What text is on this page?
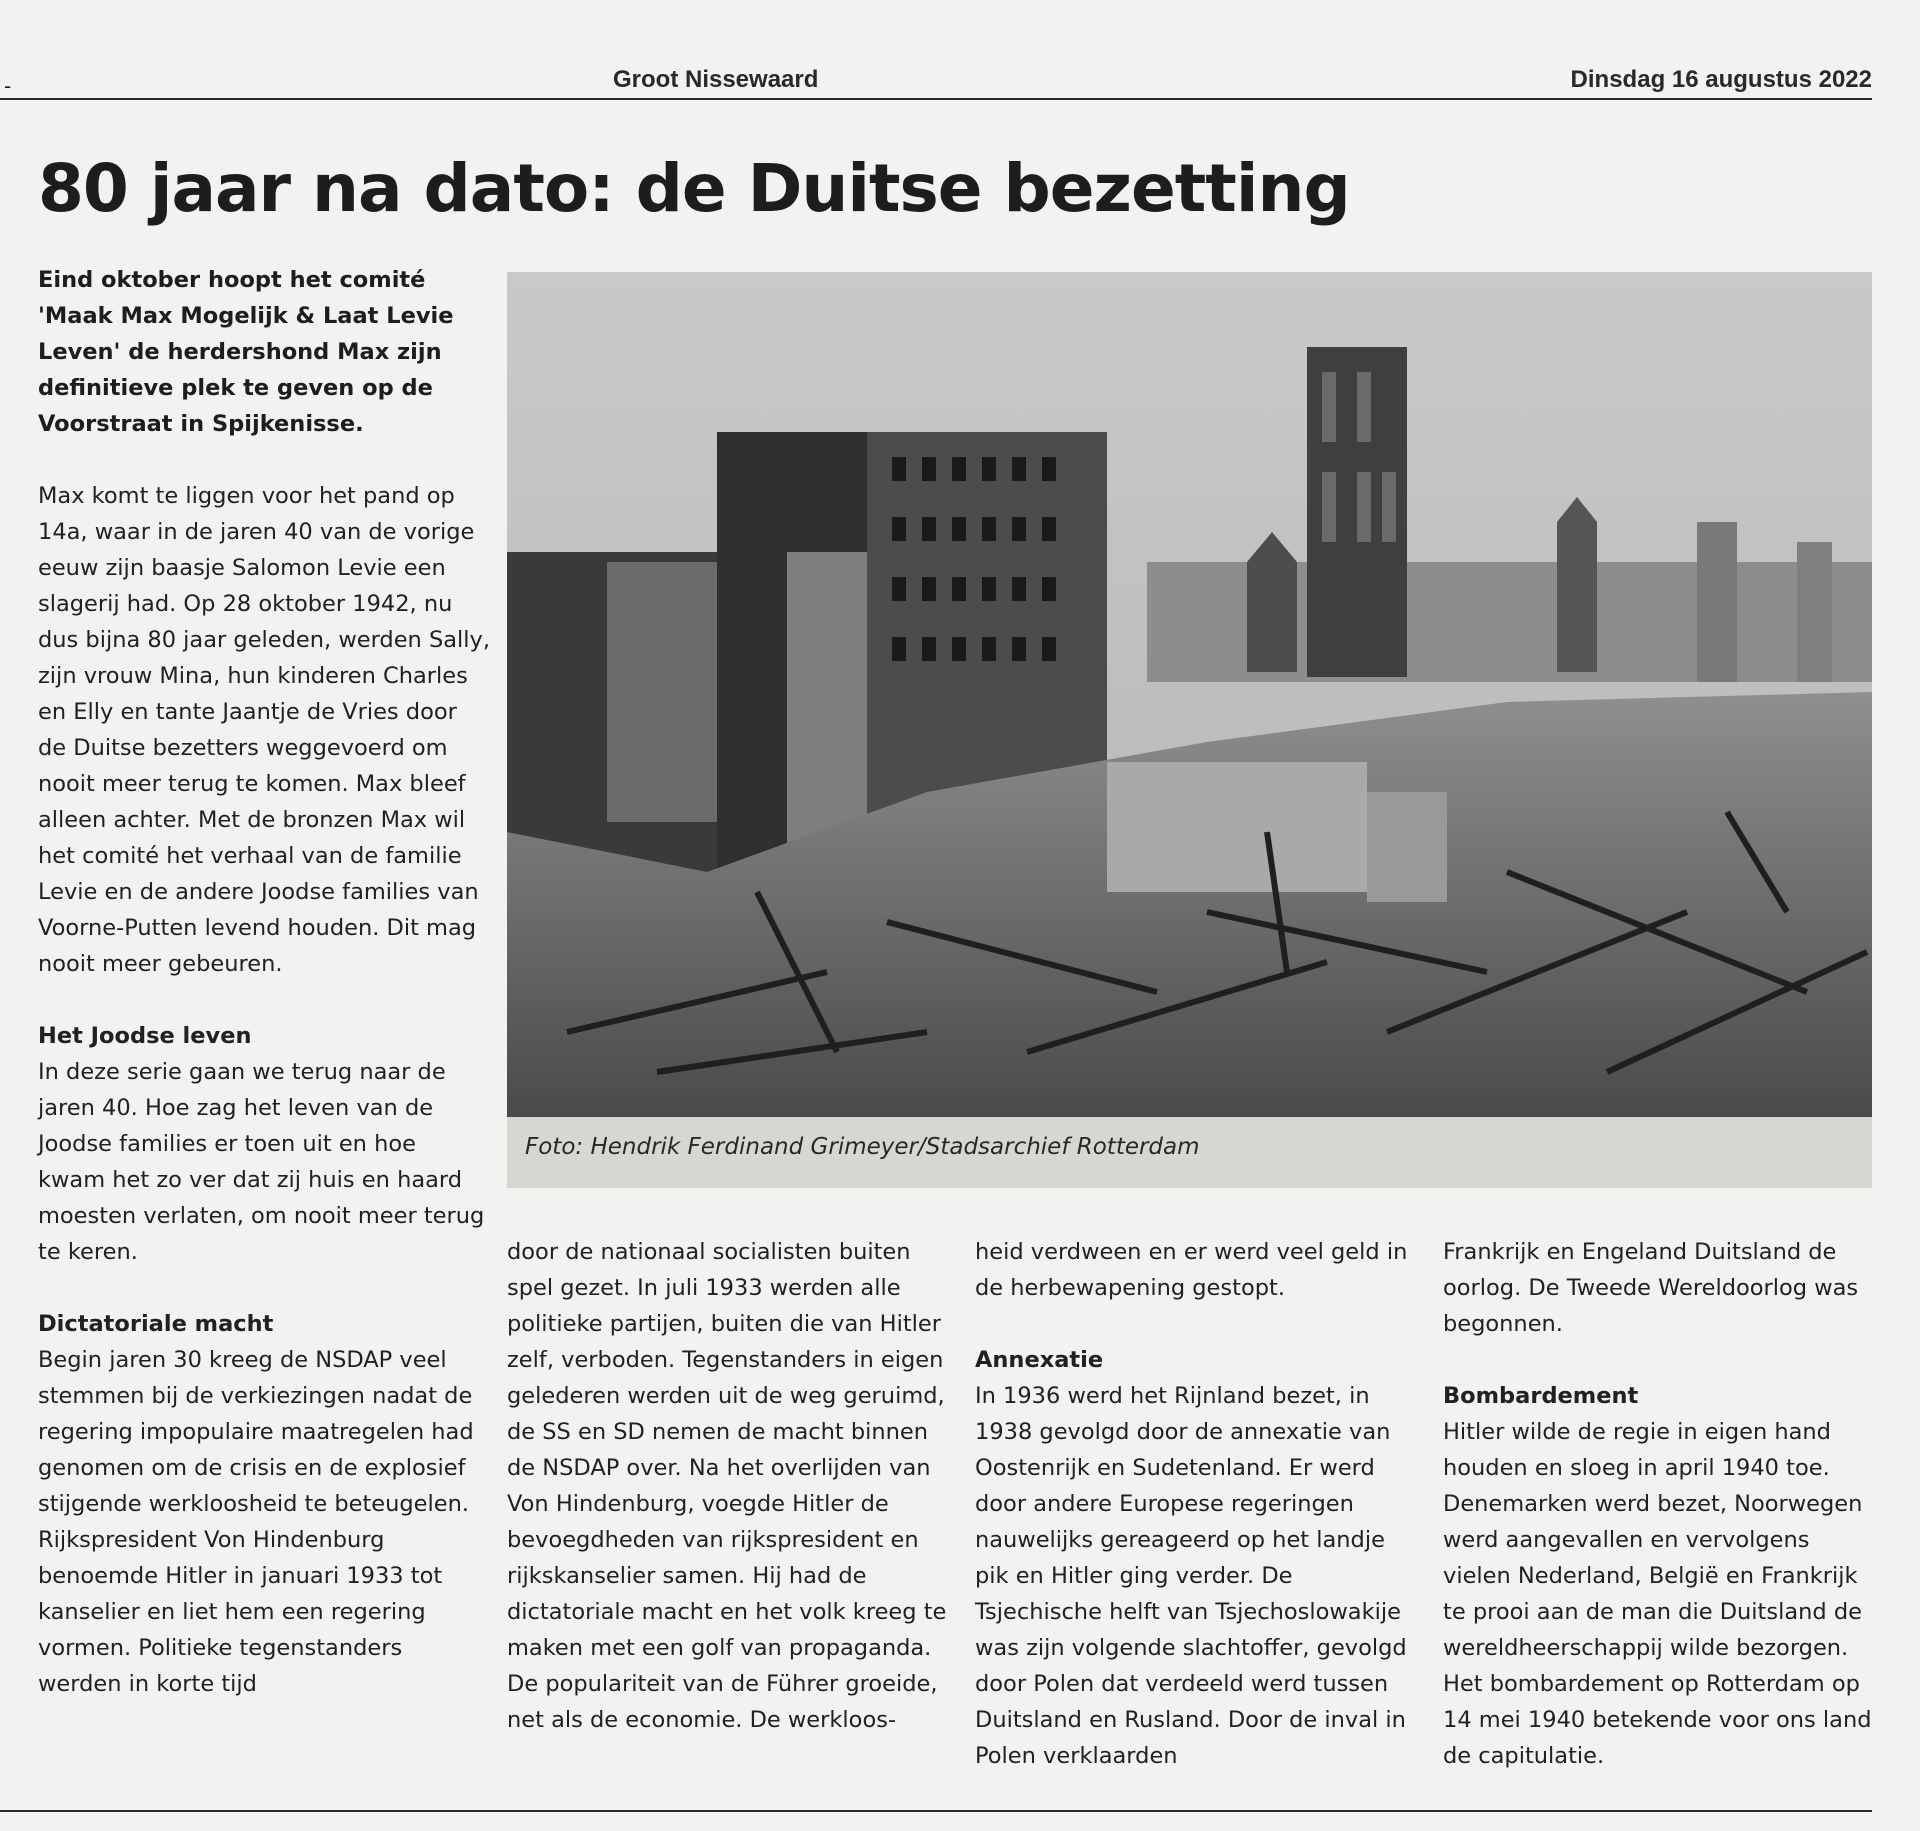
-	Groot Nissewaard	Dinsdag 16 augustus 2022
80 jaar na dato: de Duitse bezetting

Eind oktober hoopt het comité 'Maak Max Mogelijk & Laat Levie Leven' de herdershond Max zijn definitieve plek te geven op de Voorstraat in Spijkenisse.

Max komt te liggen voor het pand op 14a, waar in de jaren 40 van de vorige eeuw zijn baasje Salomon Levie een slagerij had. Op 28 oktober 1942, nu dus bijna 80 jaar geleden, werden Sally, zijn vrouw Mina, hun kinderen Charles en Elly en tante Jaantje de Vries door de Duitse bezetters weggevoerd om nooit meer terug te komen. Max bleef alleen achter. Met de bronzen Max wil het comité het verhaal van de familie Levie en de andere Joodse families van Voorne-Putten levend houden. Dit mag nooit meer gebeuren.

Het Joodse leven

In deze serie gaan we terug naar de jaren 40. Hoe zag het leven van de Joodse families er toen uit en hoe kwam het zo ver dat zij huis en haard moesten verlaten, om nooit meer terug te keren.

Dictatoriale macht

Begin jaren 30 kreeg de NSDAP veel stemmen bij de verkiezingen nadat de regering impopulaire maatregelen had genomen om de crisis en de explosief stijgende werkloosheid te beteugelen. Rijkspresident Von Hindenburg benoemde Hitler in januari 1933 tot kanselier en liet hem een regering vormen. Politieke tegenstanders werden in korte tijd

Foto: Hendrik Ferdinand Grimeyer/Stadsarchief Rotterdam

door de nationaal socialisten buiten spel gezet. In juli 1933 werden alle politieke partijen, buiten die van Hitler zelf, verboden. Tegenstanders in eigen gelederen werden uit de weg geruimd, de SS en SD nemen de macht binnen de NSDAP over. Na het overlijden van Von Hindenburg, voegde Hitler de bevoegdheden van rijkspresident en rijkskanselier samen. Hij had de dictatoriale macht en het volk kreeg te maken met een golf van propaganda. De populariteit van de Führer groeide, net als de economie. De werkloos-

heid verdween en er werd veel geld in de herbewapening gestopt.

Annexatie

In 1936 werd het Rijnland bezet, in 1938 gevolgd door de annexatie van Oostenrijk en Sudetenland. Er werd door andere Europese regeringen nauwelijks gereageerd op het landje pik en Hitler ging verder. De Tsjechische helft van Tsjechoslowakije was zijn volgende slachtoffer, gevolgd door Polen dat verdeeld werd tussen Duitsland en Rusland. Door de inval in Polen verklaarden

Frankrijk en Engeland Duitsland de oorlog. De Tweede Wereldoorlog was begonnen.

Bombardement

Hitler wilde de regie in eigen hand houden en sloeg in april 1940 toe. Denemarken werd bezet, Noorwegen werd aangevallen en vervolgens vielen Nederland, België en Frankrijk te prooi aan de man die Duitsland de wereldheerschappij wilde bezorgen. Het bombardement op Rotterdam op 14 mei 1940 betekende voor ons land de capitulatie.
